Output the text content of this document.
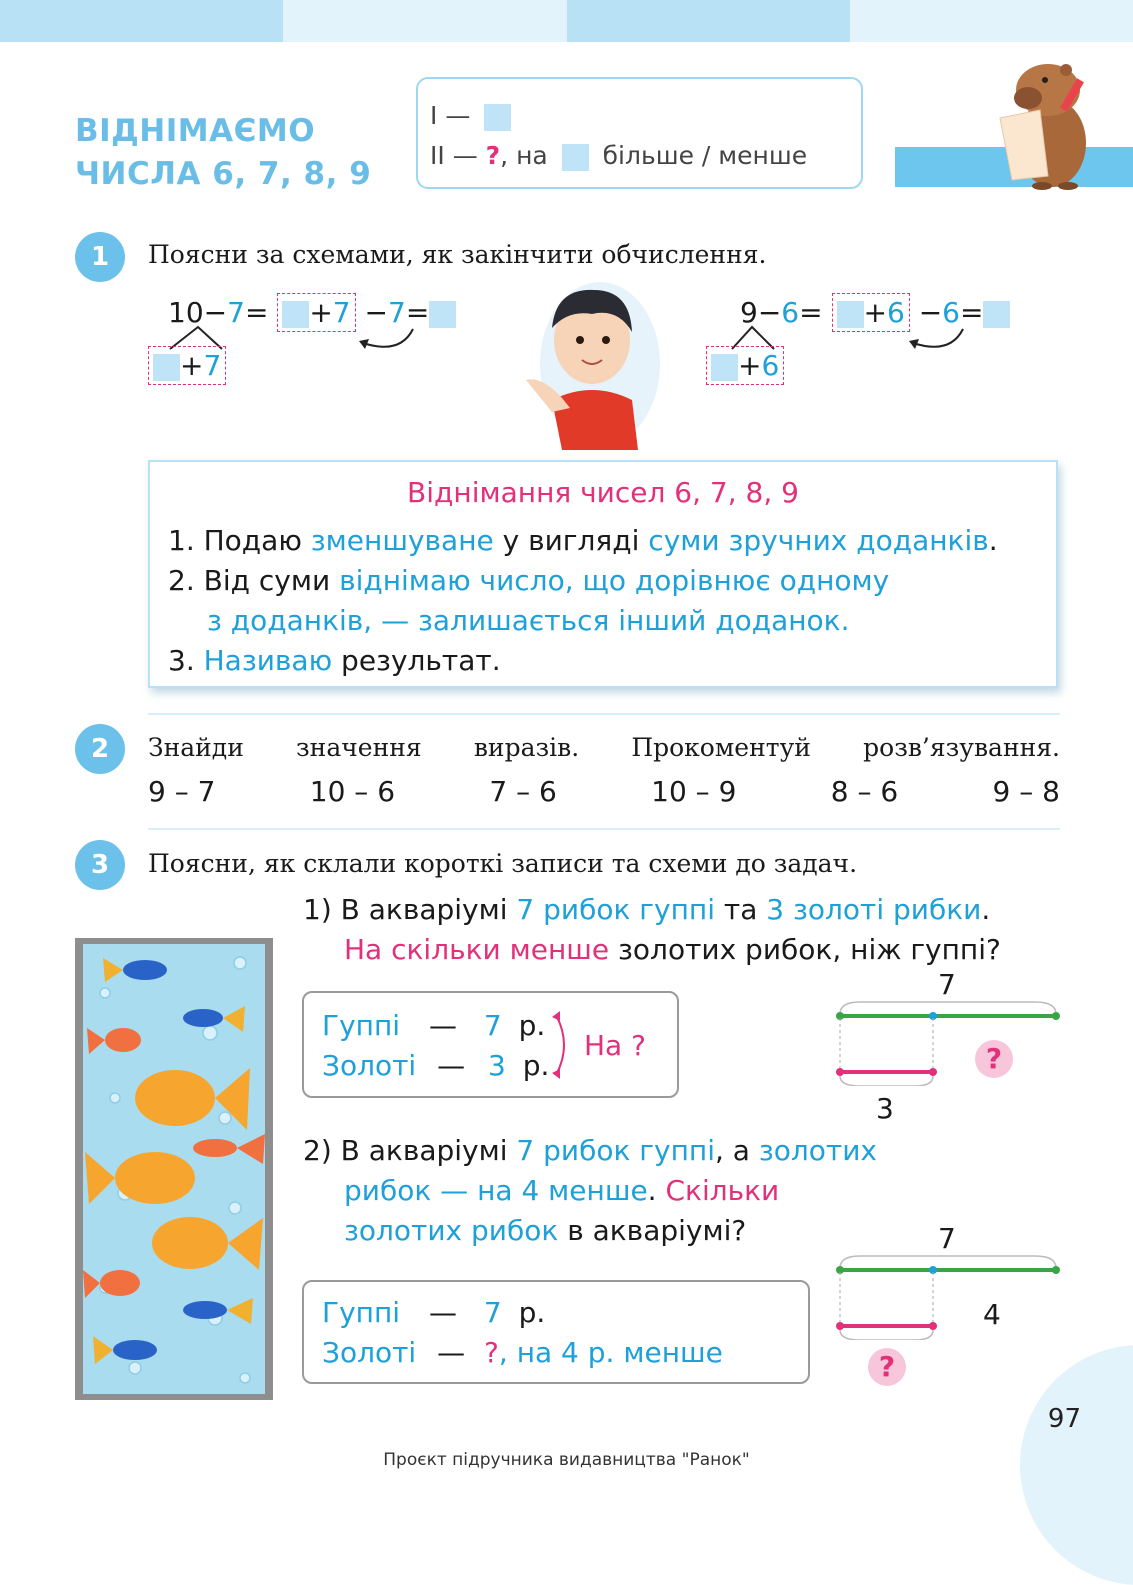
ВІДНІМАЄМО
ЧИСЛА 6, 7, 8, 9
І —
ІІ — ?, на більше / менше
1	Поясни за схемами, як закінчити обчислення.
10−7= +7 −7=
+7
9−6= +6 −6=
+6
Віднімання чисел 6, 7, 8, 9
1. Подаю зменшуване у вигляді суми зручних доданків.
2. Від суми віднімаю число, що дорівнює одному
з доданків, — залишається інший доданок.
3. Називаю результат.
2	Знайди значення виразів. Прокоментуй розв’язування.
9 – 7	10 – 6	7 – 6	10 – 9	8 – 6	9 – 8
3	Поясни, як склали короткі записи та схеми до задач.
1) В акваріумі 7 рибок гуппі та 3 золоті рибки.
На скільки менше золотих рибок, ніж гуппі?
Гуппі — 7 р.
Золоті — 3 р.
На ?
7
?
3
2) В акваріумі 7 рибок гуппі, а золотих
рибок — на 4 менше. Скільки
золотих рибок в акваріумі?
Гуппі — 7 р.
Золоті — ?, на 4 р. менше
7
4
?
97
Проєкт підручника видавництва "Ранок"
